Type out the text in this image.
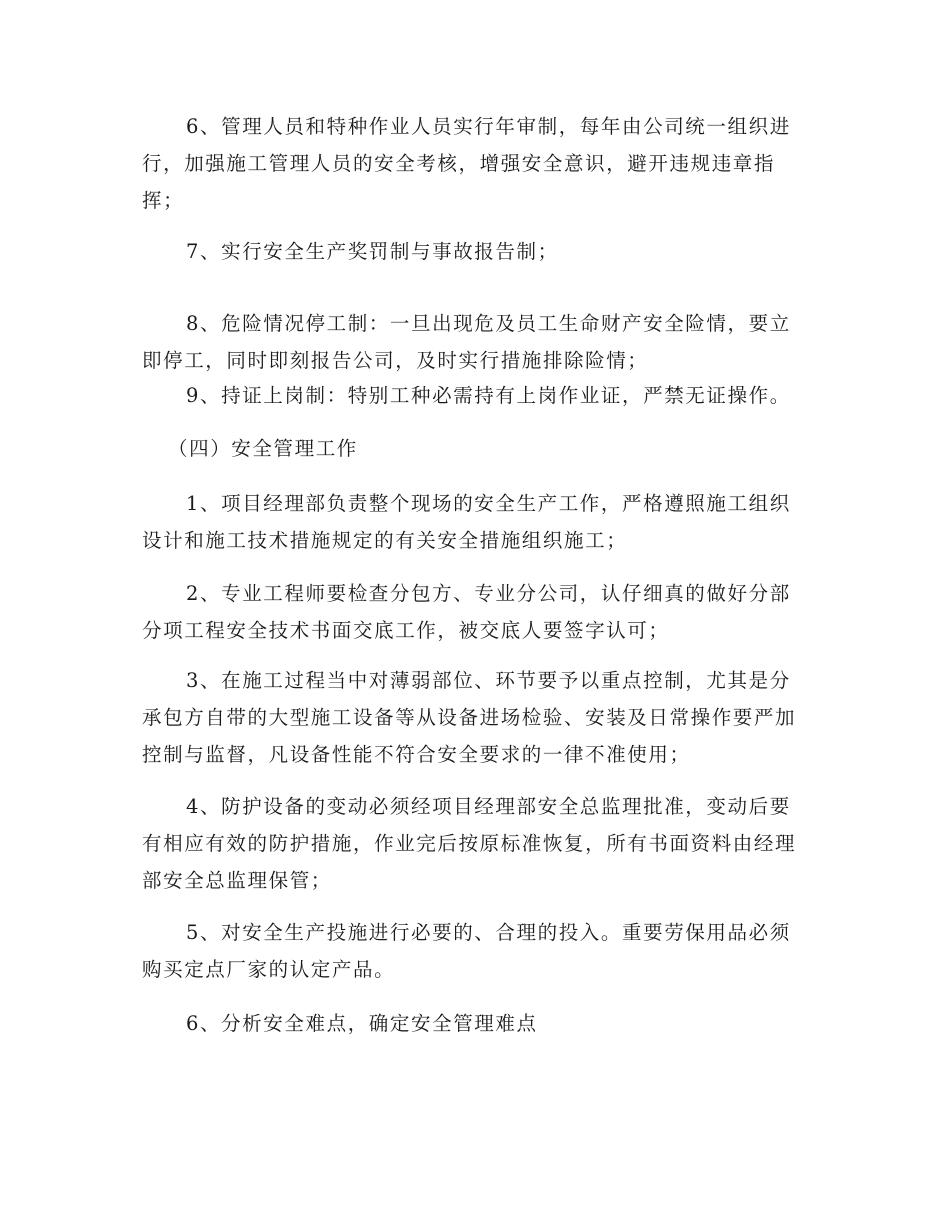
6、管理人员和特种作业人员实行年审制，每年由公司统一组织进行，加强施工管理人员的安全考核，增强安全意识，避开违规违章指挥；

7、实行安全生产奖罚制与事故报告制；

8、危险情况停工制：一旦出现危及员工生命财产安全险情，要立即停工，同时即刻报告公司，及时实行措施排除险情；

9、持证上岗制：特别工种必需持有上岗作业证，严禁无证操作。

（四）安全管理工作

1、项目经理部负责整个现场的安全生产工作，严格遵照施工组织设计和施工技术措施规定的有关安全措施组织施工；

2、专业工程师要检查分包方、专业分公司，认仔细真的做好分部分项工程安全技术书面交底工作，被交底人要签字认可；

3、在施工过程当中对薄弱部位、环节要予以重点控制，尤其是分承包方自带的大型施工设备等从设备进场检验、安装及日常操作要严加控制与监督，凡设备性能不符合安全要求的一律不准使用；

4、防护设备的变动必须经项目经理部安全总监理批准，变动后要有相应有效的防护措施，作业完后按原标准恢复，所有书面资料由经理部安全总监理保管；

5、对安全生产投施进行必要的、合理的投入。重要劳保用品必须购买定点厂家的认定产品。

6、分析安全难点，确定安全管理难点
